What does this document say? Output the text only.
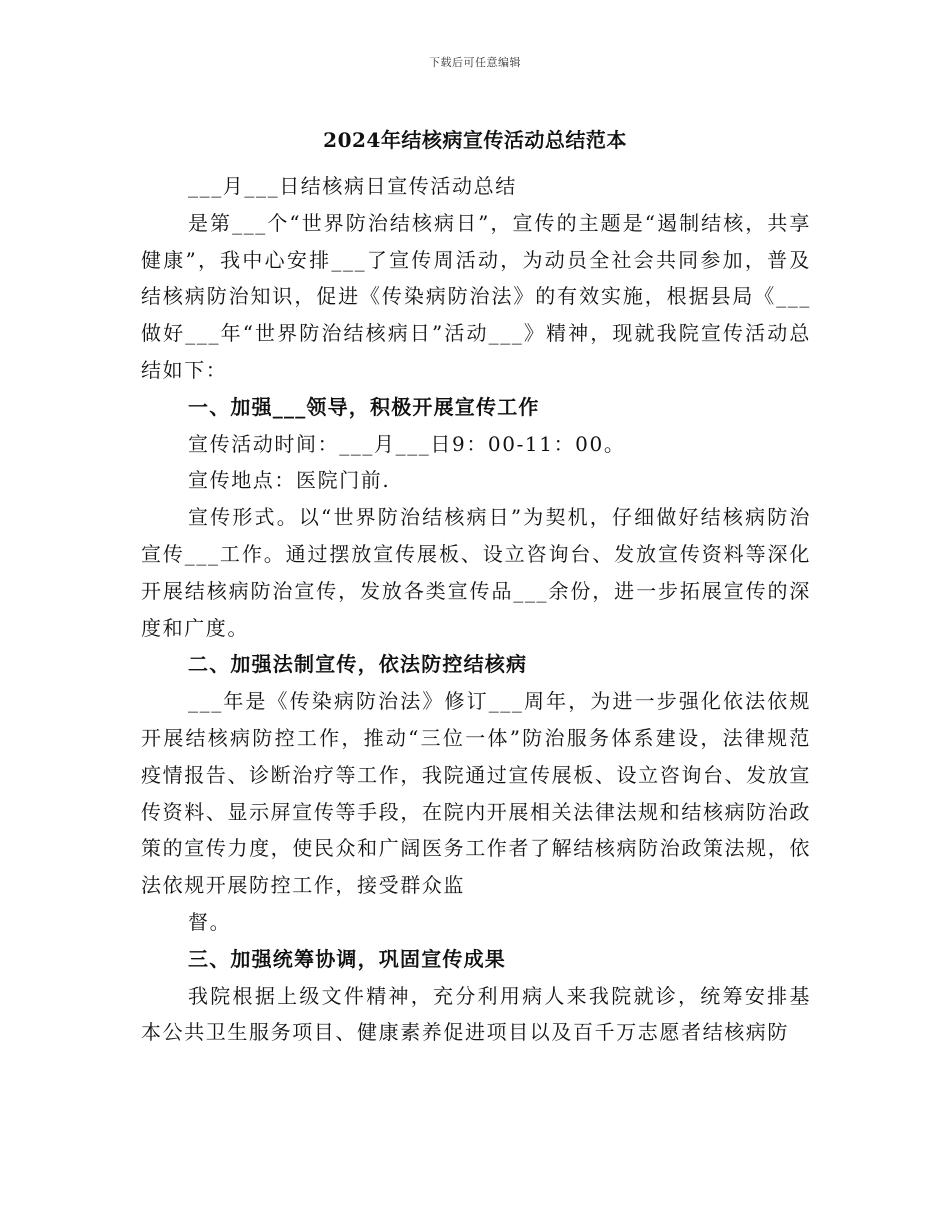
下载后可任意编辑
2024年结核病宣传活动总结范本

___月___日结核病日宣传活动总结

是第___个“世界防治结核病日”，宣传的主题是“遏制结核，共享健康”，我中心安排___了宣传周活动，为动员全社会共同参加，普及结核病防治知识，促进《传染病防治法》的有效实施，根据县局《___做好___年“世界防治结核病日”活动___》精神，现就我院宣传活动总结如下：

一、加强___领导，积极开展宣传工作

宣传活动时间：___月___日9：00-11：00。

宣传地点：医院门前.

宣传形式。以“世界防治结核病日”为契机，仔细做好结核病防治宣传___工作。通过摆放宣传展板、设立咨询台、发放宣传资料等深化开展结核病防治宣传，发放各类宣传品___余份，进一步拓展宣传的深度和广度。

二、加强法制宣传，依法防控结核病

___年是《传染病防治法》修订___周年，为进一步强化依法依规开展结核病防控工作，推动“三位一体”防治服务体系建设，法律规范疫情报告、诊断治疗等工作，我院通过宣传展板、设立咨询台、发放宣传资料、显示屏宣传等手段，在院内开展相关法律法规和结核病防治政策的宣传力度，使民众和广阔医务工作者了解结核病防治政策法规，依法依规开展防控工作，接受群众监

督。

三、加强统筹协调，巩固宣传成果

我院根据上级文件精神，充分利用病人来我院就诊，统筹安排基本公共卫生服务项目、健康素养促进项目以及百千万志愿者结核病防
